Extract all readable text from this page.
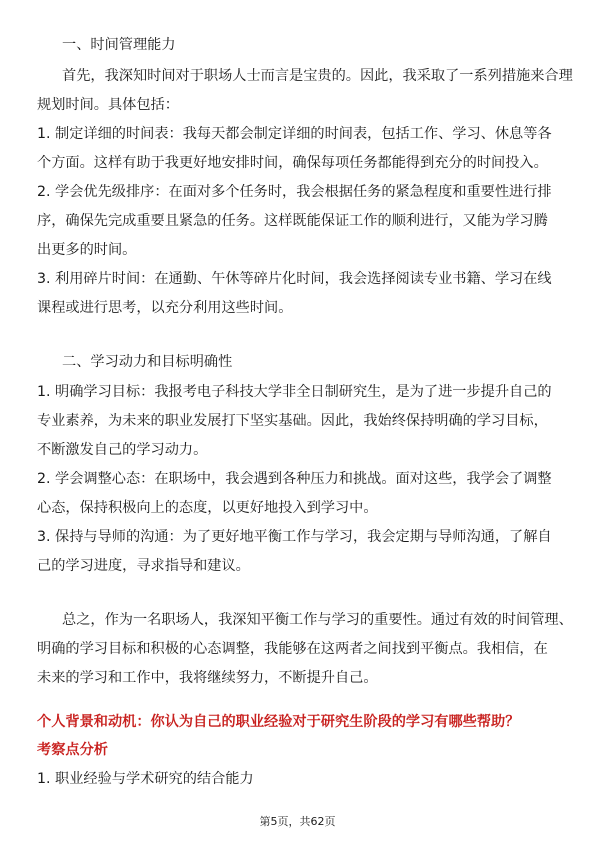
一、时间管理能力
首先，我深知时间对于职场人士而言是宝贵的。因此，我采取了一系列措施来合理
规划时间。具体包括：
1. 制定详细的时间表：我每天都会制定详细的时间表，包括工作、学习、休息等各
个方面。这样有助于我更好地安排时间，确保每项任务都能得到充分的时间投入。
2. 学会优先级排序：在面对多个任务时，我会根据任务的紧急程度和重要性进行排
序，确保先完成重要且紧急的任务。这样既能保证工作的顺利进行，又能为学习腾
出更多的时间。
3. 利用碎片时间：在通勤、午休等碎片化时间，我会选择阅读专业书籍、学习在线
课程或进行思考，以充分利用这些时间。
二、学习动力和目标明确性
1. 明确学习目标：我报考电子科技大学非全日制研究生，是为了进一步提升自己的
专业素养，为未来的职业发展打下坚实基础。因此，我始终保持明确的学习目标，
不断激发自己的学习动力。
2. 学会调整心态：在职场中，我会遇到各种压力和挑战。面对这些，我学会了调整
心态，保持积极向上的态度，以更好地投入到学习中。
3. 保持与导师的沟通：为了更好地平衡工作与学习，我会定期与导师沟通，了解自
己的学习进度，寻求指导和建议。
总之，作为一名职场人，我深知平衡工作与学习的重要性。通过有效的时间管理、
明确的学习目标和积极的心态调整，我能够在这两者之间找到平衡点。我相信，在
未来的学习和工作中，我将继续努力，不断提升自己。
个人背景和动机：你认为自己的职业经验对于研究生阶段的学习有哪些帮助？
考察点分析
1. 职业经验与学术研究的结合能力
第5页，共62页
